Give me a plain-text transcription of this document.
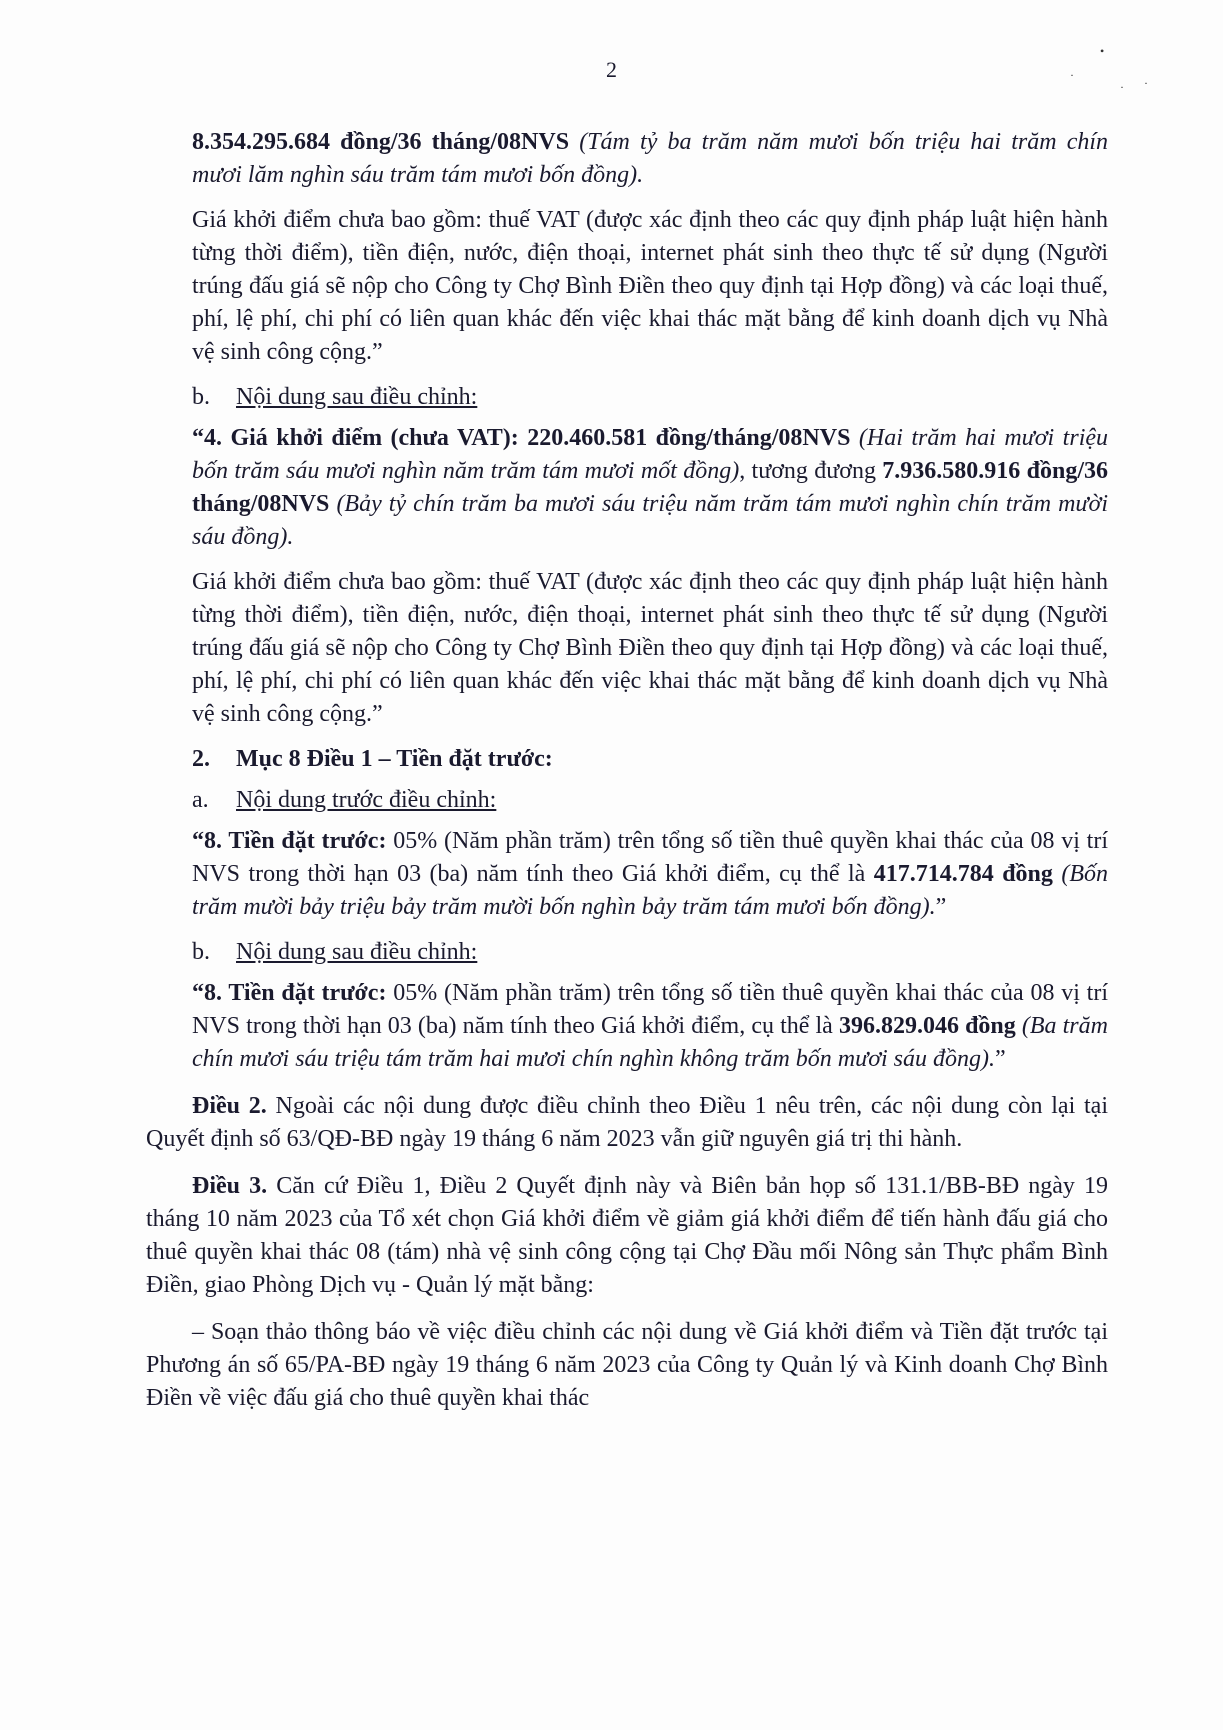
2
•
·
· ·

8.354.295.684 đồng/36 tháng/08NVS (Tám tỷ ba trăm năm mươi bốn triệu hai trăm chín mươi lăm nghìn sáu trăm tám mươi bốn đồng).

Giá khởi điểm chưa bao gồm: thuế VAT (được xác định theo các quy định pháp luật hiện hành từng thời điểm), tiền điện, nước, điện thoại, internet phát sinh theo thực tế sử dụng (Người trúng đấu giá sẽ nộp cho Công ty Chợ Bình Điền theo quy định tại Hợp đồng) và các loại thuế, phí, lệ phí, chi phí có liên quan khác đến việc khai thác mặt bằng để kinh doanh dịch vụ Nhà vệ sinh công cộng.”

b. Nội dung sau điều chỉnh:

“4. Giá khởi điểm (chưa VAT): 220.460.581 đồng/tháng/08NVS (Hai trăm hai mươi triệu bốn trăm sáu mươi nghìn năm trăm tám mươi mốt đồng), tương đương 7.936.580.916 đồng/36 tháng/08NVS (Bảy tỷ chín trăm ba mươi sáu triệu năm trăm tám mươi nghìn chín trăm mười sáu đồng).

Giá khởi điểm chưa bao gồm: thuế VAT (được xác định theo các quy định pháp luật hiện hành từng thời điểm), tiền điện, nước, điện thoại, internet phát sinh theo thực tế sử dụng (Người trúng đấu giá sẽ nộp cho Công ty Chợ Bình Điền theo quy định tại Hợp đồng) và các loại thuế, phí, lệ phí, chi phí có liên quan khác đến việc khai thác mặt bằng để kinh doanh dịch vụ Nhà vệ sinh công cộng.”

2. Mục 8 Điều 1 – Tiền đặt trước:

a. Nội dung trước điều chỉnh:

“8. Tiền đặt trước: 05% (Năm phần trăm) trên tổng số tiền thuê quyền khai thác của 08 vị trí NVS trong thời hạn 03 (ba) năm tính theo Giá khởi điểm, cụ thể là 417.714.784 đồng (Bốn trăm mười bảy triệu bảy trăm mười bốn nghìn bảy trăm tám mươi bốn đồng).”

b. Nội dung sau điều chỉnh:

“8. Tiền đặt trước: 05% (Năm phần trăm) trên tổng số tiền thuê quyền khai thác của 08 vị trí NVS trong thời hạn 03 (ba) năm tính theo Giá khởi điểm, cụ thể là 396.829.046 đồng (Ba trăm chín mươi sáu triệu tám trăm hai mươi chín nghìn không trăm bốn mươi sáu đồng).”

Điều 2. Ngoài các nội dung được điều chỉnh theo Điều 1 nêu trên, các nội dung còn lại tại Quyết định số 63/QĐ-BĐ ngày 19 tháng 6 năm 2023 vẫn giữ nguyên giá trị thi hành.

Điều 3. Căn cứ Điều 1, Điều 2 Quyết định này và Biên bản họp số 131.1/BB-BĐ ngày 19 tháng 10 năm 2023 của Tổ xét chọn Giá khởi điểm về giảm giá khởi điểm để tiến hành đấu giá cho thuê quyền khai thác 08 (tám) nhà vệ sinh công cộng tại Chợ Đầu mối Nông sản Thực phẩm Bình Điền, giao Phòng Dịch vụ - Quản lý mặt bằng:

– Soạn thảo thông báo về việc điều chỉnh các nội dung về Giá khởi điểm và Tiền đặt trước tại Phương án số 65/PA-BĐ ngày 19 tháng 6 năm 2023 của Công ty Quản lý và Kinh doanh Chợ Bình Điền về việc đấu giá cho thuê quyền khai thác
